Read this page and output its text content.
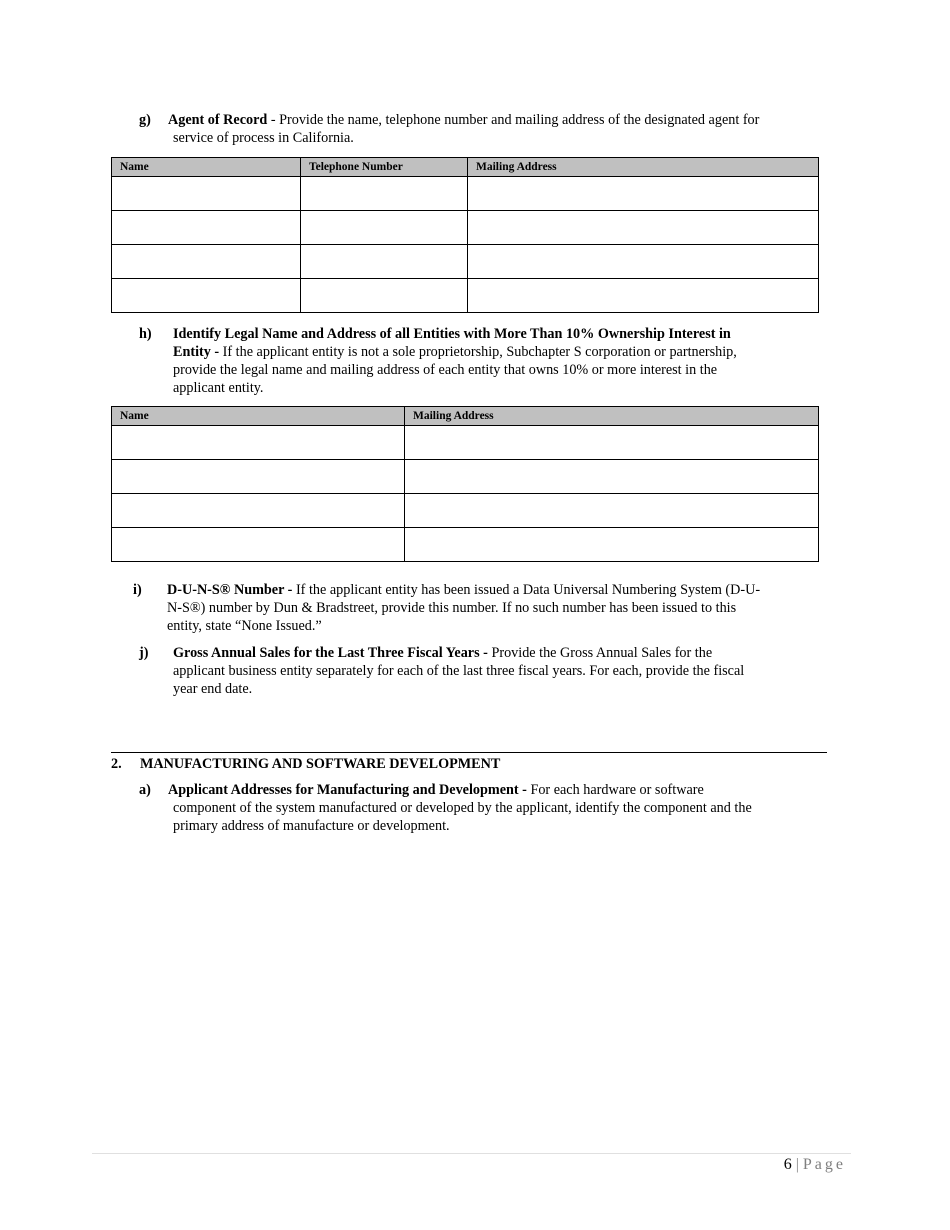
g) Agent of Record - Provide the name, telephone number and mailing address of the designated agent for
service of process in California.
Name	Telephone Number	Mailing Address

h) Identify Legal Name and Address of all Entities with More Than 10% Ownership Interest in
Entity - If the applicant entity is not a sole proprietorship, Subchapter S corporation or partnership,
provide the legal name and mailing address of each entity that owns 10% or more interest in the
applicant entity.
Name	Mailing Address

i) D-U-N-S® Number - If the applicant entity has been issued a Data Universal Numbering System (D-U-
N-S®) number by Dun & Bradstreet, provide this number. If no such number has been issued to this
entity, state “None Issued.”
j) Gross Annual Sales for the Last Three Fiscal Years - Provide the Gross Annual Sales for the
applicant business entity separately for each of the last three fiscal years. For each, provide the fiscal
year end date.
2. MANUFACTURING AND SOFTWARE DEVELOPMENT
a) Applicant Addresses for Manufacturing and Development - For each hardware or software
component of the system manufactured or developed by the applicant, identify the component and the
primary address of manufacture or development.
6 | Page
